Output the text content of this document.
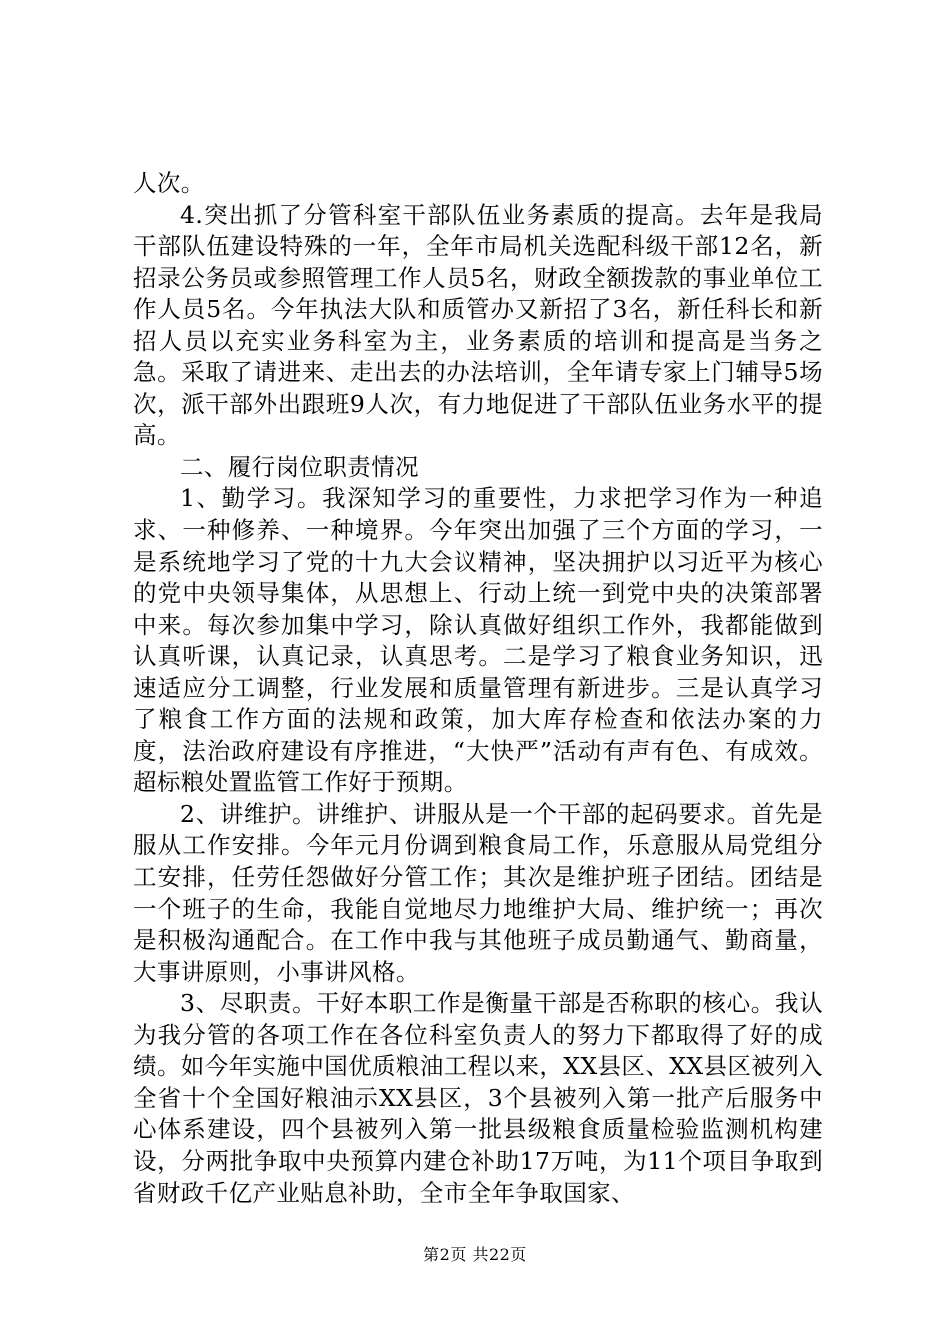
人次。

4.突出抓了分管科室干部队伍业务素质的提高。去年是我局干部队伍建设特殊的一年，全年市局机关选配科级干部12名，新招录公务员或参照管理工作人员5名，财政全额拨款的事业单位工作人员5名。今年执法大队和质管办又新招了3名，新任科长和新招人员以充实业务科室为主，业务素质的培训和提高是当务之急。采取了请进来、走出去的办法培训，全年请专家上门辅导5场次，派干部外出跟班9人次，有力地促进了干部队伍业务水平的提高。

二、履行岗位职责情况

1、勤学习。我深知学习的重要性，力求把学习作为一种追求、一种修养、一种境界。今年突出加强了三个方面的学习，一是系统地学习了党的十九大会议精神，坚决拥护以习近平为核心的党中央领导集体，从思想上、行动上统一到党中央的决策部署中来。每次参加集中学习，除认真做好组织工作外，我都能做到认真听课，认真记录，认真思考。二是学习了粮食业务知识，迅速适应分工调整，行业发展和质量管理有新进步。三是认真学习了粮食工作方面的法规和政策，加大库存检查和依法办案的力度，法治政府建设有序推进，“大快严”活动有声有色、有成效。超标粮处置监管工作好于预期。

2、讲维护。讲维护、讲服从是一个干部的起码要求。首先是服从工作安排。今年元月份调到粮食局工作，乐意服从局党组分工安排，任劳任怨做好分管工作；其次是维护班子团结。团结是一个班子的生命，我能自觉地尽力地维护大局、维护统一；再次是积极沟通配合。在工作中我与其他班子成员勤通气、勤商量，大事讲原则，小事讲风格。

3、尽职责。干好本职工作是衡量干部是否称职的核心。我认为我分管的各项工作在各位科室负责人的努力下都取得了好的成绩。如今年实施中国优质粮油工程以来，XX县区、XX县区被列入全省十个全国好粮油示XX县区，3个县被列入第一批产后服务中心体系建设，四个县被列入第一批县级粮食质量检验监测机构建设，分两批争取中央预算内建仓补助17万吨，为11个项目争取到省财政千亿产业贴息补助，全市全年争取国家、

第2页 共22页
